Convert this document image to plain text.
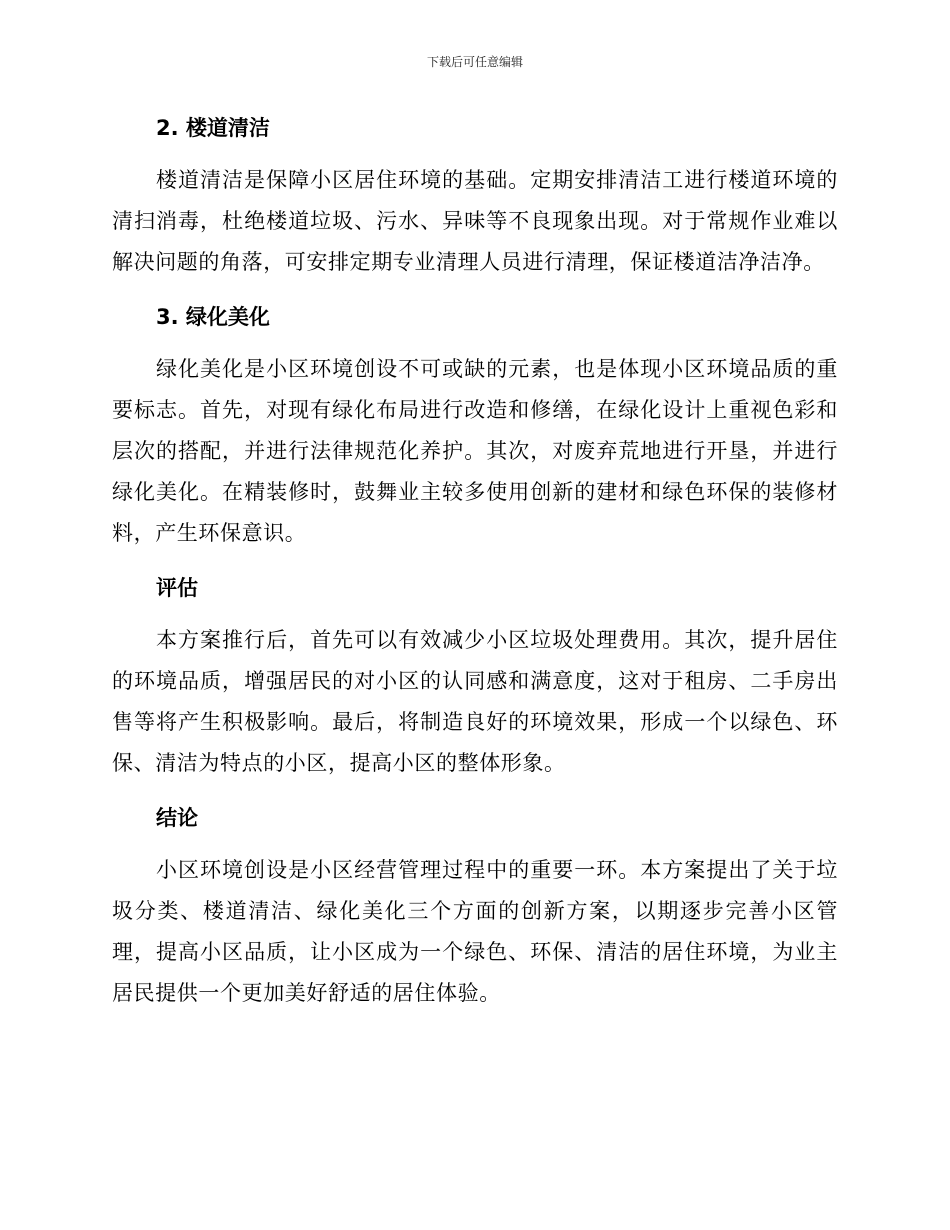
下载后可任意编辑
2. 楼道清洁

楼道清洁是保障小区居住环境的基础。定期安排清洁工进行楼道环境的清扫消毒，杜绝楼道垃圾、污水、异味等不良现象出现。对于常规作业难以解决问题的角落，可安排定期专业清理人员进行清理，保证楼道洁净洁净。

3. 绿化美化

绿化美化是小区环境创设不可或缺的元素，也是体现小区环境品质的重要标志。首先，对现有绿化布局进行改造和修缮，在绿化设计上重视色彩和层次的搭配，并进行法律规范化养护。其次，对废弃荒地进行开垦，并进行绿化美化。在精装修时，鼓舞业主较多使用创新的建材和绿色环保的装修材料，产生环保意识。

评估

本方案推行后，首先可以有效减少小区垃圾处理费用。其次，提升居住的环境品质，增强居民的对小区的认同感和满意度，这对于租房、二手房出售等将产生积极影响。最后，将制造良好的环境效果，形成一个以绿色、环保、清洁为特点的小区，提高小区的整体形象。

结论

小区环境创设是小区经营管理过程中的重要一环。本方案提出了关于垃圾分类、楼道清洁、绿化美化三个方面的创新方案，以期逐步完善小区管理，提高小区品质，让小区成为一个绿色、环保、清洁的居住环境，为业主居民提供一个更加美好舒适的居住体验。
